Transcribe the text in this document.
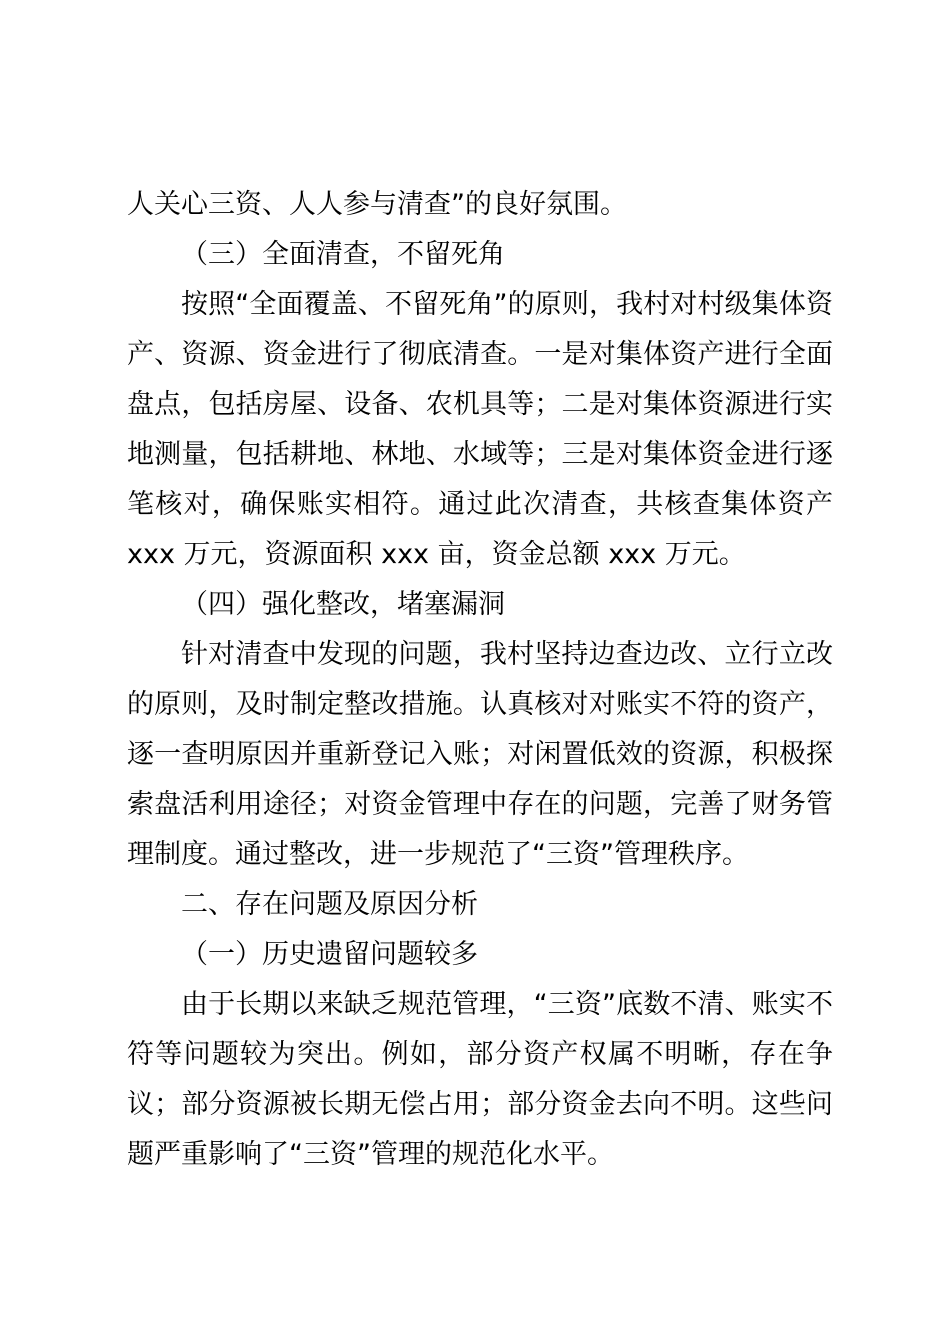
人关心三资、人人参与清查”的良好氛围。

（三）全面清查，不留死角

按照“全面覆盖、不留死角”的原则，我村对村级集体资产、资源、资金进行了彻底清查。一是对集体资产进行全面盘点，包括房屋、设备、农机具等；二是对集体资源进行实地测量，包括耕地、林地、水域等；三是对集体资金进行逐笔核对，确保账实相符。通过此次清查，共核查集体资产 xxx 万元，资源面积 xxx 亩，资金总额 xxx 万元。

（四）强化整改，堵塞漏洞

针对清查中发现的问题，我村坚持边查边改、立行立改的原则，及时制定整改措施。认真核对对账实不符的资产，逐一查明原因并重新登记入账；对闲置低效的资源，积极探索盘活利用途径；对资金管理中存在的问题，完善了财务管理制度。通过整改，进一步规范了“三资”管理秩序。

二、存在问题及原因分析

（一）历史遗留问题较多

由于长期以来缺乏规范管理，“三资”底数不清、账实不符等问题较为突出。例如，部分资产权属不明晰，存在争议；部分资源被长期无偿占用；部分资金去向不明。这些问题严重影响了“三资”管理的规范化水平。
